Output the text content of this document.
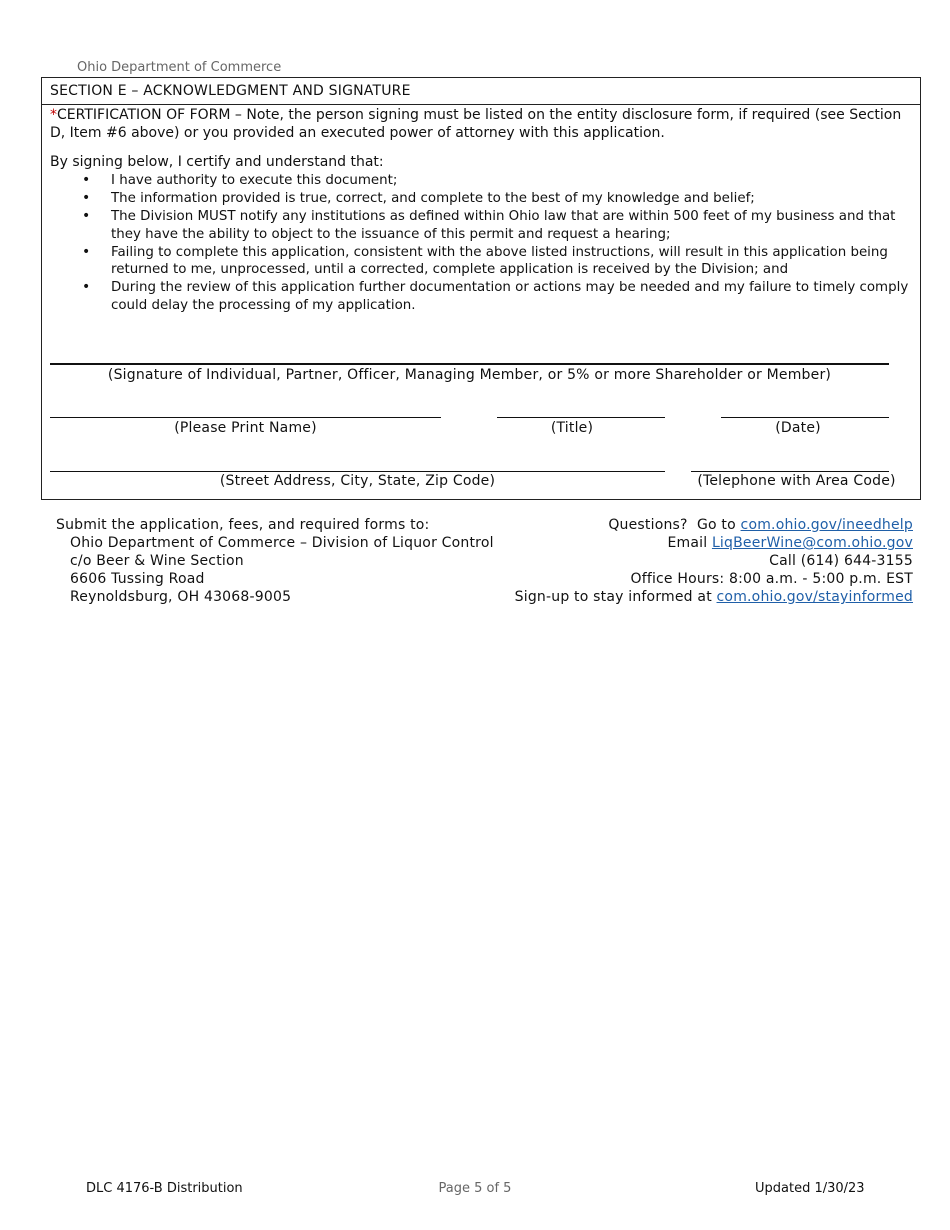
Ohio Department of Commerce
SECTION E – ACKNOWLEDGMENT AND SIGNATURE
*CERTIFICATION OF FORM – Note, the person signing must be listed on the entity disclosure form, if required (see Section D, Item #6 above) or you provided an executed power of attorney with this application.
By signing below, I certify and understand that:
• I have authority to execute this document;
• The information provided is true, correct, and complete to the best of my knowledge and belief;
• The Division MUST notify any institutions as defined within Ohio law that are within 500 feet of my business and that they have the ability to object to the issuance of this permit and request a hearing;
• Failing to complete this application, consistent with the above listed instructions, will result in this application being returned to me, unprocessed, until a corrected, complete application is received by the Division; and
• During the review of this application further documentation or actions may be needed and my failure to timely comply could delay the processing of my application.
(Signature of Individual, Partner, Officer, Managing Member, or 5% or more Shareholder or Member)
(Please Print Name)	(Title)	(Date)
(Street Address, City, State, Zip Code)	(Telephone with Area Code)
Submit the application, fees, and required forms to:
Ohio Department of Commerce – Division of Liquor Control
c/o Beer & Wine Section
6606 Tussing Road
Reynoldsburg, OH 43068-9005
Questions?  Go to com.ohio.gov/ineedhelp
Email LiqBeerWine@com.ohio.gov
Call (614) 644-3155
Office Hours: 8:00 a.m. - 5:00 p.m. EST
Sign-up to stay informed at com.ohio.gov/stayinformed
DLC 4176-B Distribution	Page 5 of 5	Updated 1/30/23
